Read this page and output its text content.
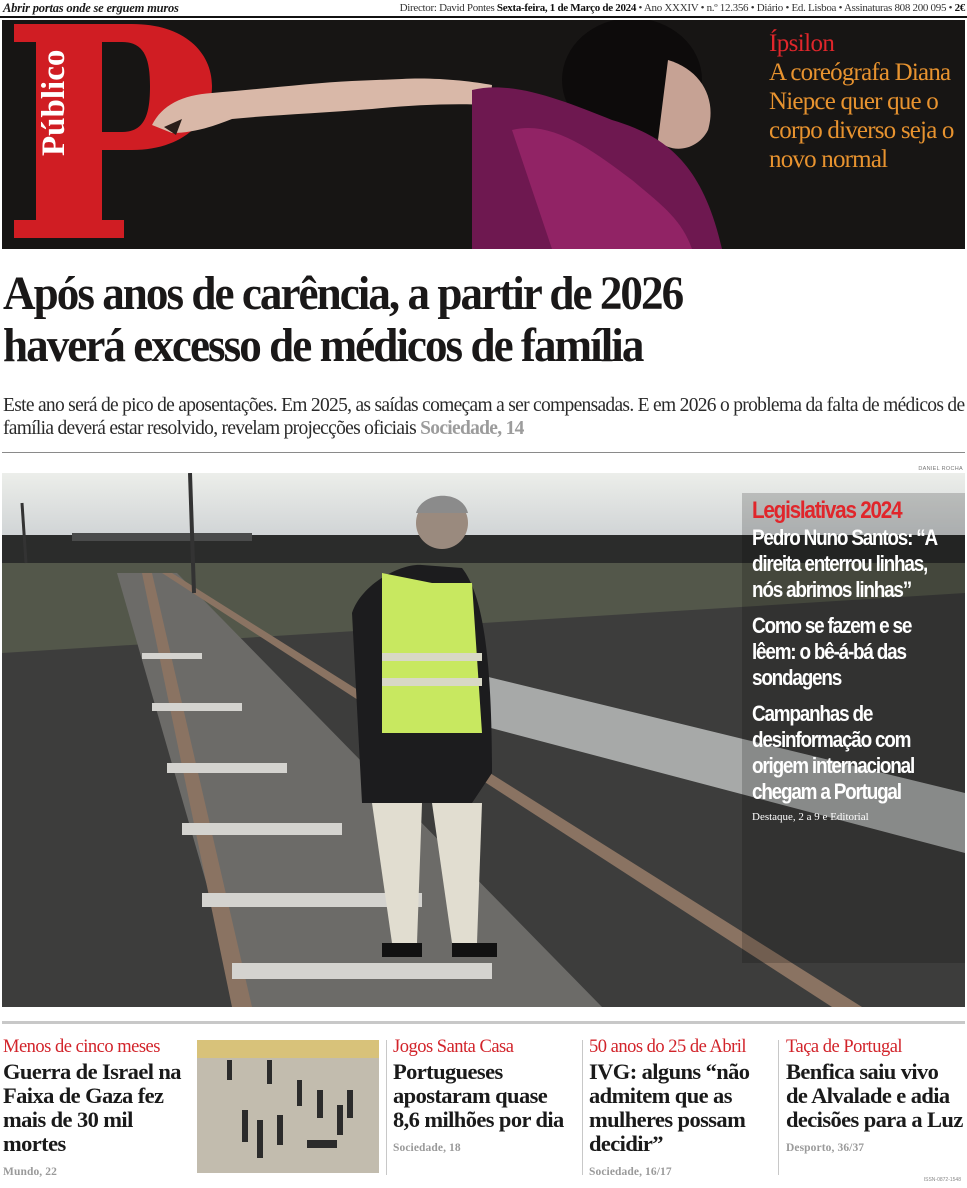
Abrir portas onde se erguem muros	Director: David Pontes Sexta-feira, 1 de Março de 2024 • Ano XXXIV • n.º 12.356 • Diário • Ed. Lisboa • Assinaturas 808 200 095 • 2€
Público
Ípsilon
A coreógrafa Diana Niepce quer que o corpo diverso seja o novo normal
Após anos de carência, a partir de 2026
haverá excesso de médicos de família

Este ano será de pico de aposentações. Em 2025, as saídas começam a ser compensadas. E em 2026 o problema da falta de médicos de família deverá estar resolvido, revelam projecções oficiais Sociedade, 14

DANIEL ROCHA
Legislativas 2024
Pedro Nuno Santos: “A direita enterrou linhas, nós abrimos linhas”
Como se fazem e se lêem: o bê-á-bá das sondagens
Campanhas de desinformação com origem internacional chegam a Portugal
Destaque, 2 a 9 e Editorial
Menos de cinco meses
Guerra de Israel na Faixa de Gaza fez mais de 30 mil mortes
Mundo, 22
Jogos Santa Casa
Portugueses apostaram quase 8,6 milhões por dia
Sociedade, 18
50 anos do 25 de Abril
IVG: alguns “não admitem que as mulheres possam decidir”
Sociedade, 16/17
Taça de Portugal
Benfica saiu vivo de Alvalade e adia decisões para a Luz
Desporto, 36/37
ISSN-0872-1548
